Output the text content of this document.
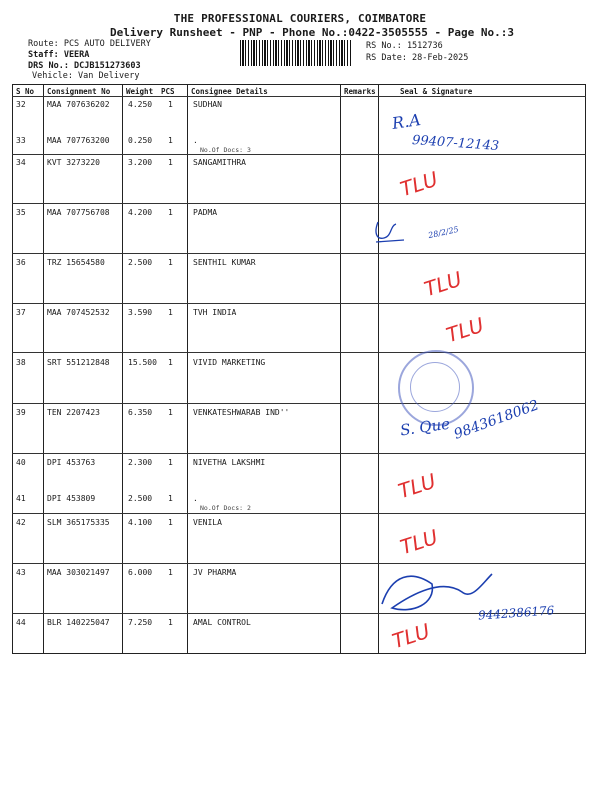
THE PROFESSIONAL COURIERS, COIMBATORE
Delivery Runsheet - PNP - Phone No.:0422-3505555 - Page No.:3
Route: PCS AUTO DELIVERY
Staff: VEERA
DRS No.: DCJB151273603
Vehicle: Van Delivery
RS No.: 1512736
RS Date: 28-Feb-2025
S No Consignment No Weight PCS Consignee Details	Remarks	Seal & Signature
32	MAA 707636202 4.250 1	SUDHAN
33	MAA 707763200 0.250 1	.
No.Of Docs: 3
34	KVT 3273220	3.200 1	SANGAMITHRA
35	MAA 707756708 4.200 1	PADMA
36	TRZ 15654580	2.500 1	SENTHIL KUMAR
37	MAA 707452532 3.590 1	TVH INDIA
38	SRT 551212848 15.500 1	VIVID MARKETING
39	TEN 2207423	6.350 1	VENKATESHWARAB IND''
40	DPI 453763	2.300 1	NIVETHA LAKSHMI
41	DPI 453809	2.500 1	.
No.Of Docs: 2
42	SLM 365175335 4.100 1	VENILA
43	MAA 303021497 6.000 1	JV PHARMA
44	BLR 140225047 7.250 1	AMAL CONTROL
R.A
99407-12143
28/2/25
S. Que 9843618062
9442386176
TLU
TLU
TLU
TLU
TLU
TLU
